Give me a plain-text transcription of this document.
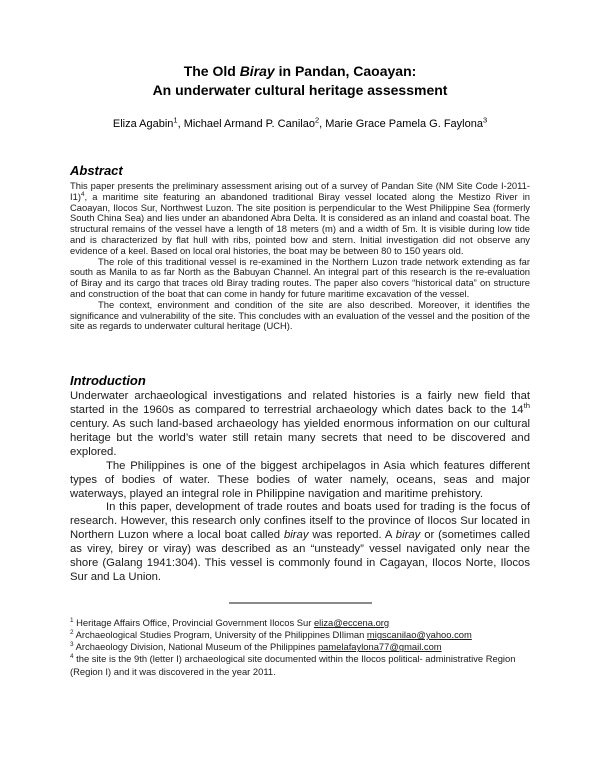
The Old Biray in Pandan, Caoayan:
An underwater cultural heritage assessment
Eliza Agabin$^1$, Michael Armand P. Canilao$^2$, Marie Grace Pamela G. Faylona$^3$
Abstract

This paper presents the preliminary assessment arising out of a survey of Pandan Site (NM Site Code I-2011-I1)$^4$, a maritime site featuring an abandoned traditional Biray vessel located along the Mestizo River in Caoayan, Ilocos Sur, Northwest Luzon. The site position is perpendicular to the West Philippine Sea (formerly South China Sea) and lies under an abandoned Abra Delta. It is considered as an inland and coastal boat. The structural remains of the vessel have a length of 18 meters (m) and a width of 5m. It is visible during low tide and is characterized by flat hull with ribs, pointed bow and stern. Initial investigation did not observe any evidence of a keel. Based on local oral histories, the boat may be between 80 to 150 years old.

The role of this traditional vessel is re-examined in the Northern Luzon trade network extending as far south as Manila to as far North as the Babuyan Channel. An integral part of this research is the re-evaluation of Biray and its cargo that traces old Biray trading routes. The paper also covers “historical data” on structure and construction of the boat that can come in handy for future maritime excavation of the vessel.

The context, environment and condition of the site are also described. Moreover, it identifies the significance and vulnerability of the site. This concludes with an evaluation of the vessel and the position of the site as regards to underwater cultural heritage (UCH).

Introduction

Underwater archaeological investigations and related histories is a fairly new field that started in the 1960s as compared to terrestrial archaeology which dates back to the 14th century. As such land-based archaeology has yielded enormous information on our cultural heritage but the world’s water still retain many secrets that need to be discovered and explored.

The Philippines is one of the biggest archipelagos in Asia which features different types of bodies of water. These bodies of water namely, oceans, seas and major waterways, played an integral role in Philippine navigation and maritime prehistory.

In this paper, development of trade routes and boats used for trading is the focus of research. However, this research only confines itself to the province of Ilocos Sur located in Northern Luzon where a local boat called biray was reported. A biray or (sometimes called as virey, birey or viray) was described as an “unsteady” vessel navigated only near the shore (Galang 1941:304). This vessel is commonly found in Cagayan, Ilocos Norte, Ilocos Sur and La Union.

$^1$ Heritage Affairs Office, Provincial Government Ilocos Sur eliza@eccena.org

$^2$ Archaeological Studies Program, University of the Philippines DIliman migscanilao@yahoo.com

$^3$ Archaeology Division, National Museum of the Philippines pamelafaylona77@gmail.com

$^4$ the site is the 9th (letter I) archaeological site documented within the Ilocos political- administrative Region (Region I) and it was discovered in the year 2011.
